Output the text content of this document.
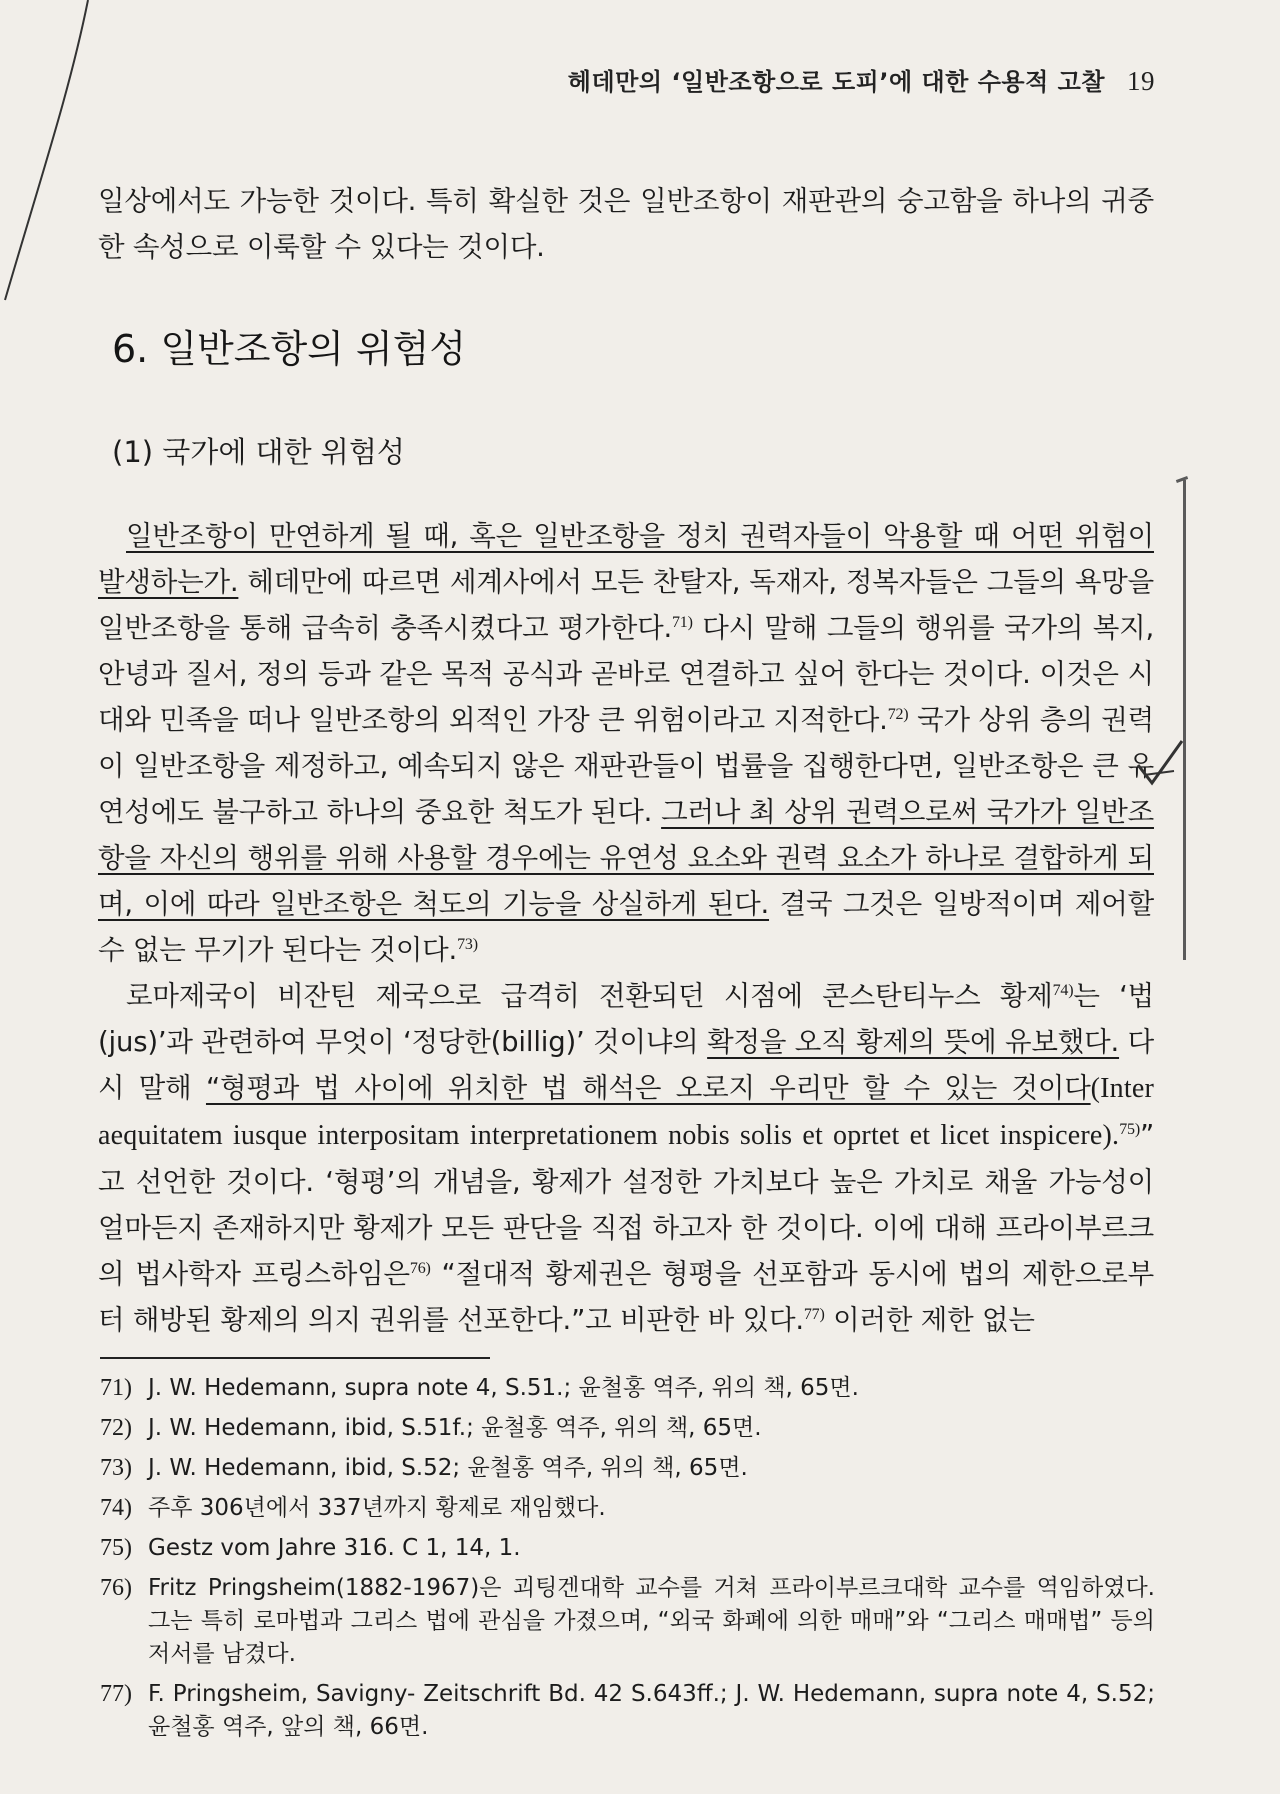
헤데만의 ‘일반조항으로 도피’에 대한 수용적 고찰 19

일상에서도 가능한 것이다. 특히 확실한 것은 일반조항이 재판관의 숭고함을 하나의 귀중한 속성으로 이룩할 수 있다는 것이다.

6. 일반조항의 위험성
(1) 국가에 대한 위험성

일반조항이 만연하게 될 때, 혹은 일반조항을 정치 권력자들이 악용할 때 어떤 위험이 발생하는가. 헤데만에 따르면 세계사에서 모든 찬탈자, 독재자, 정복자들은 그들의 욕망을 일반조항을 통해 급속히 충족시켰다고 평가한다.$^{71)}$ 다시 말해 그들의 행위를 국가의 복지, 안녕과 질서, 정의 등과 같은 목적 공식과 곧바로 연결하고 싶어 한다는 것이다. 이것은 시대와 민족을 떠나 일반조항의 외적인 가장 큰 위험이라고 지적한다.$^{72)}$ 국가 상위 층의 권력이 일반조항을 제정하고, 예속되지 않은 재판관들이 법률을 집행한다면, 일반조항은 큰 유연성에도 불구하고 하나의 중요한 척도가 된다. 그러나 최 상위 권력으로써 국가가 일반조항을 자신의 행위를 위해 사용할 경우에는 유연성 요소와 권력 요소가 하나로 결합하게 되며, 이에 따라 일반조항은 척도의 기능을 상실하게 된다. 결국 그것은 일방적이며 제어할 수 없는 무기가 된다는 것이다.$^{73)}$

로마제국이 비잔틴 제국으로 급격히 전환되던 시점에 콘스탄티누스 황제$^{74)}$는 ‘법(jus)’과 관련하여 무엇이 ‘정당한(billig)’ 것이냐의 확정을 오직 황제의 뜻에 유보했다. 다시 말해 “형평과 법 사이에 위치한 법 해석은 오로지 우리만 할 수 있는 것이다(Inter aequitatem iusque interpositam interpretationem nobis solis et oprtet et licet inspicere).$^{75)}$” 고 선언한 것이다. ‘형평’의 개념을, 황제가 설정한 가치보다 높은 가치로 채울 가능성이 얼마든지 존재하지만 황제가 모든 판단을 직접 하고자 한 것이다. 이에 대해 프라이부르크의 법사학자 프링스하임은$^{76)}$ “절대적 황제권은 형평을 선포함과 동시에 법의 제한으로부터 해방된 황제의 의지 권위를 선포한다.”고 비판한 바 있다.$^{77)}$ 이러한 제한 없는

71) J. W. Hedemann, supra note 4, S.51.; 윤철홍 역주, 위의 책, 65면.
72) J. W. Hedemann, ibid, S.51f.; 윤철홍 역주, 위의 책, 65면.
73) J. W. Hedemann, ibid, S.52; 윤철홍 역주, 위의 책, 65면.
74) 주후 306년에서 337년까지 황제로 재임했다.
75) Gestz vom Jahre 316. C 1, 14, 1.
76) Fritz Pringsheim(1882-1967)은 괴팅겐대학 교수를 거쳐 프라이부르크대학 교수를 역임하였다. 그는 특히 로마법과 그리스 법에 관심을 가졌으며, “외국 화폐에 의한 매매”와 “그리스 매매법” 등의 저서를 남겼다.
77) F. Pringsheim, Savigny- Zeitschrift Bd. 42 S.643ff.; J. W. Hedemann, supra note 4, S.52; 윤철홍 역주, 앞의 책, 66면.
